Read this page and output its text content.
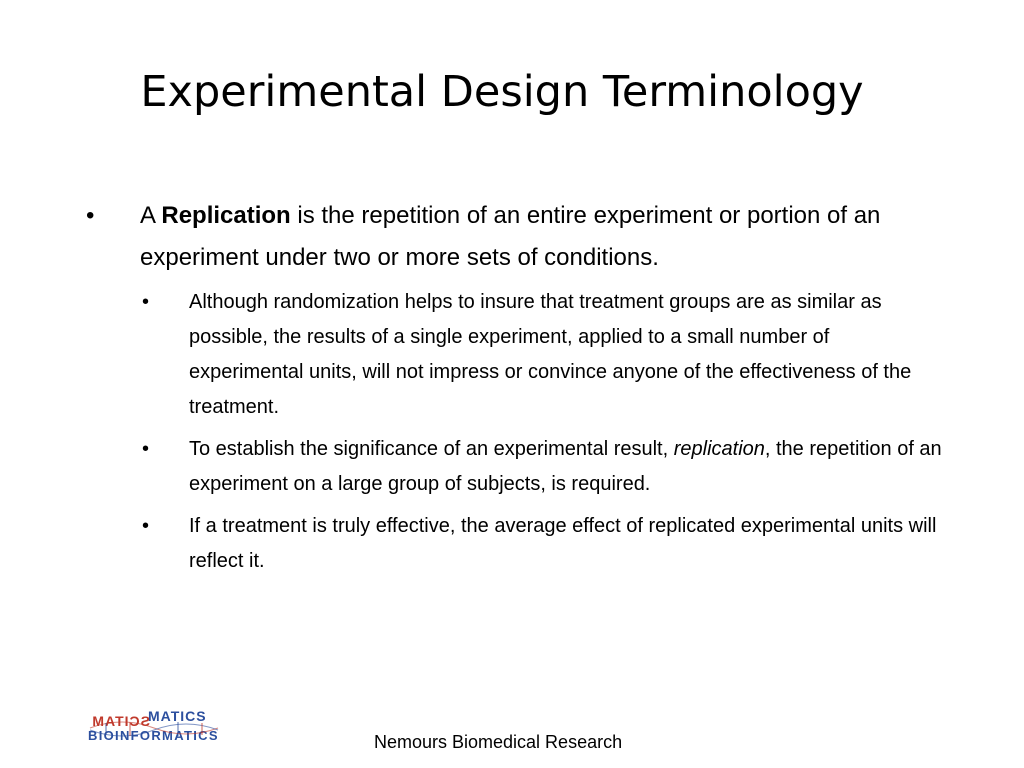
Experimental Design Terminology

• A Replication is the repetition of an entire experiment or portion of an experiment under two or more sets of conditions.

• Although randomization helps to insure that treatment groups are as similar as possible, the results of a single experiment, applied to a small number of experimental units, will not impress or convince anyone of the effectiveness of the treatment.

• To establish the significance of an experimental result, replication, the repetition of an experiment on a large group of subjects, is required.

• If a treatment is truly effective, the average effect of replicated experimental units will reflect it.

SCITAM
MATICS
BIOINFORMATICS	Nemours Biomedical Research
